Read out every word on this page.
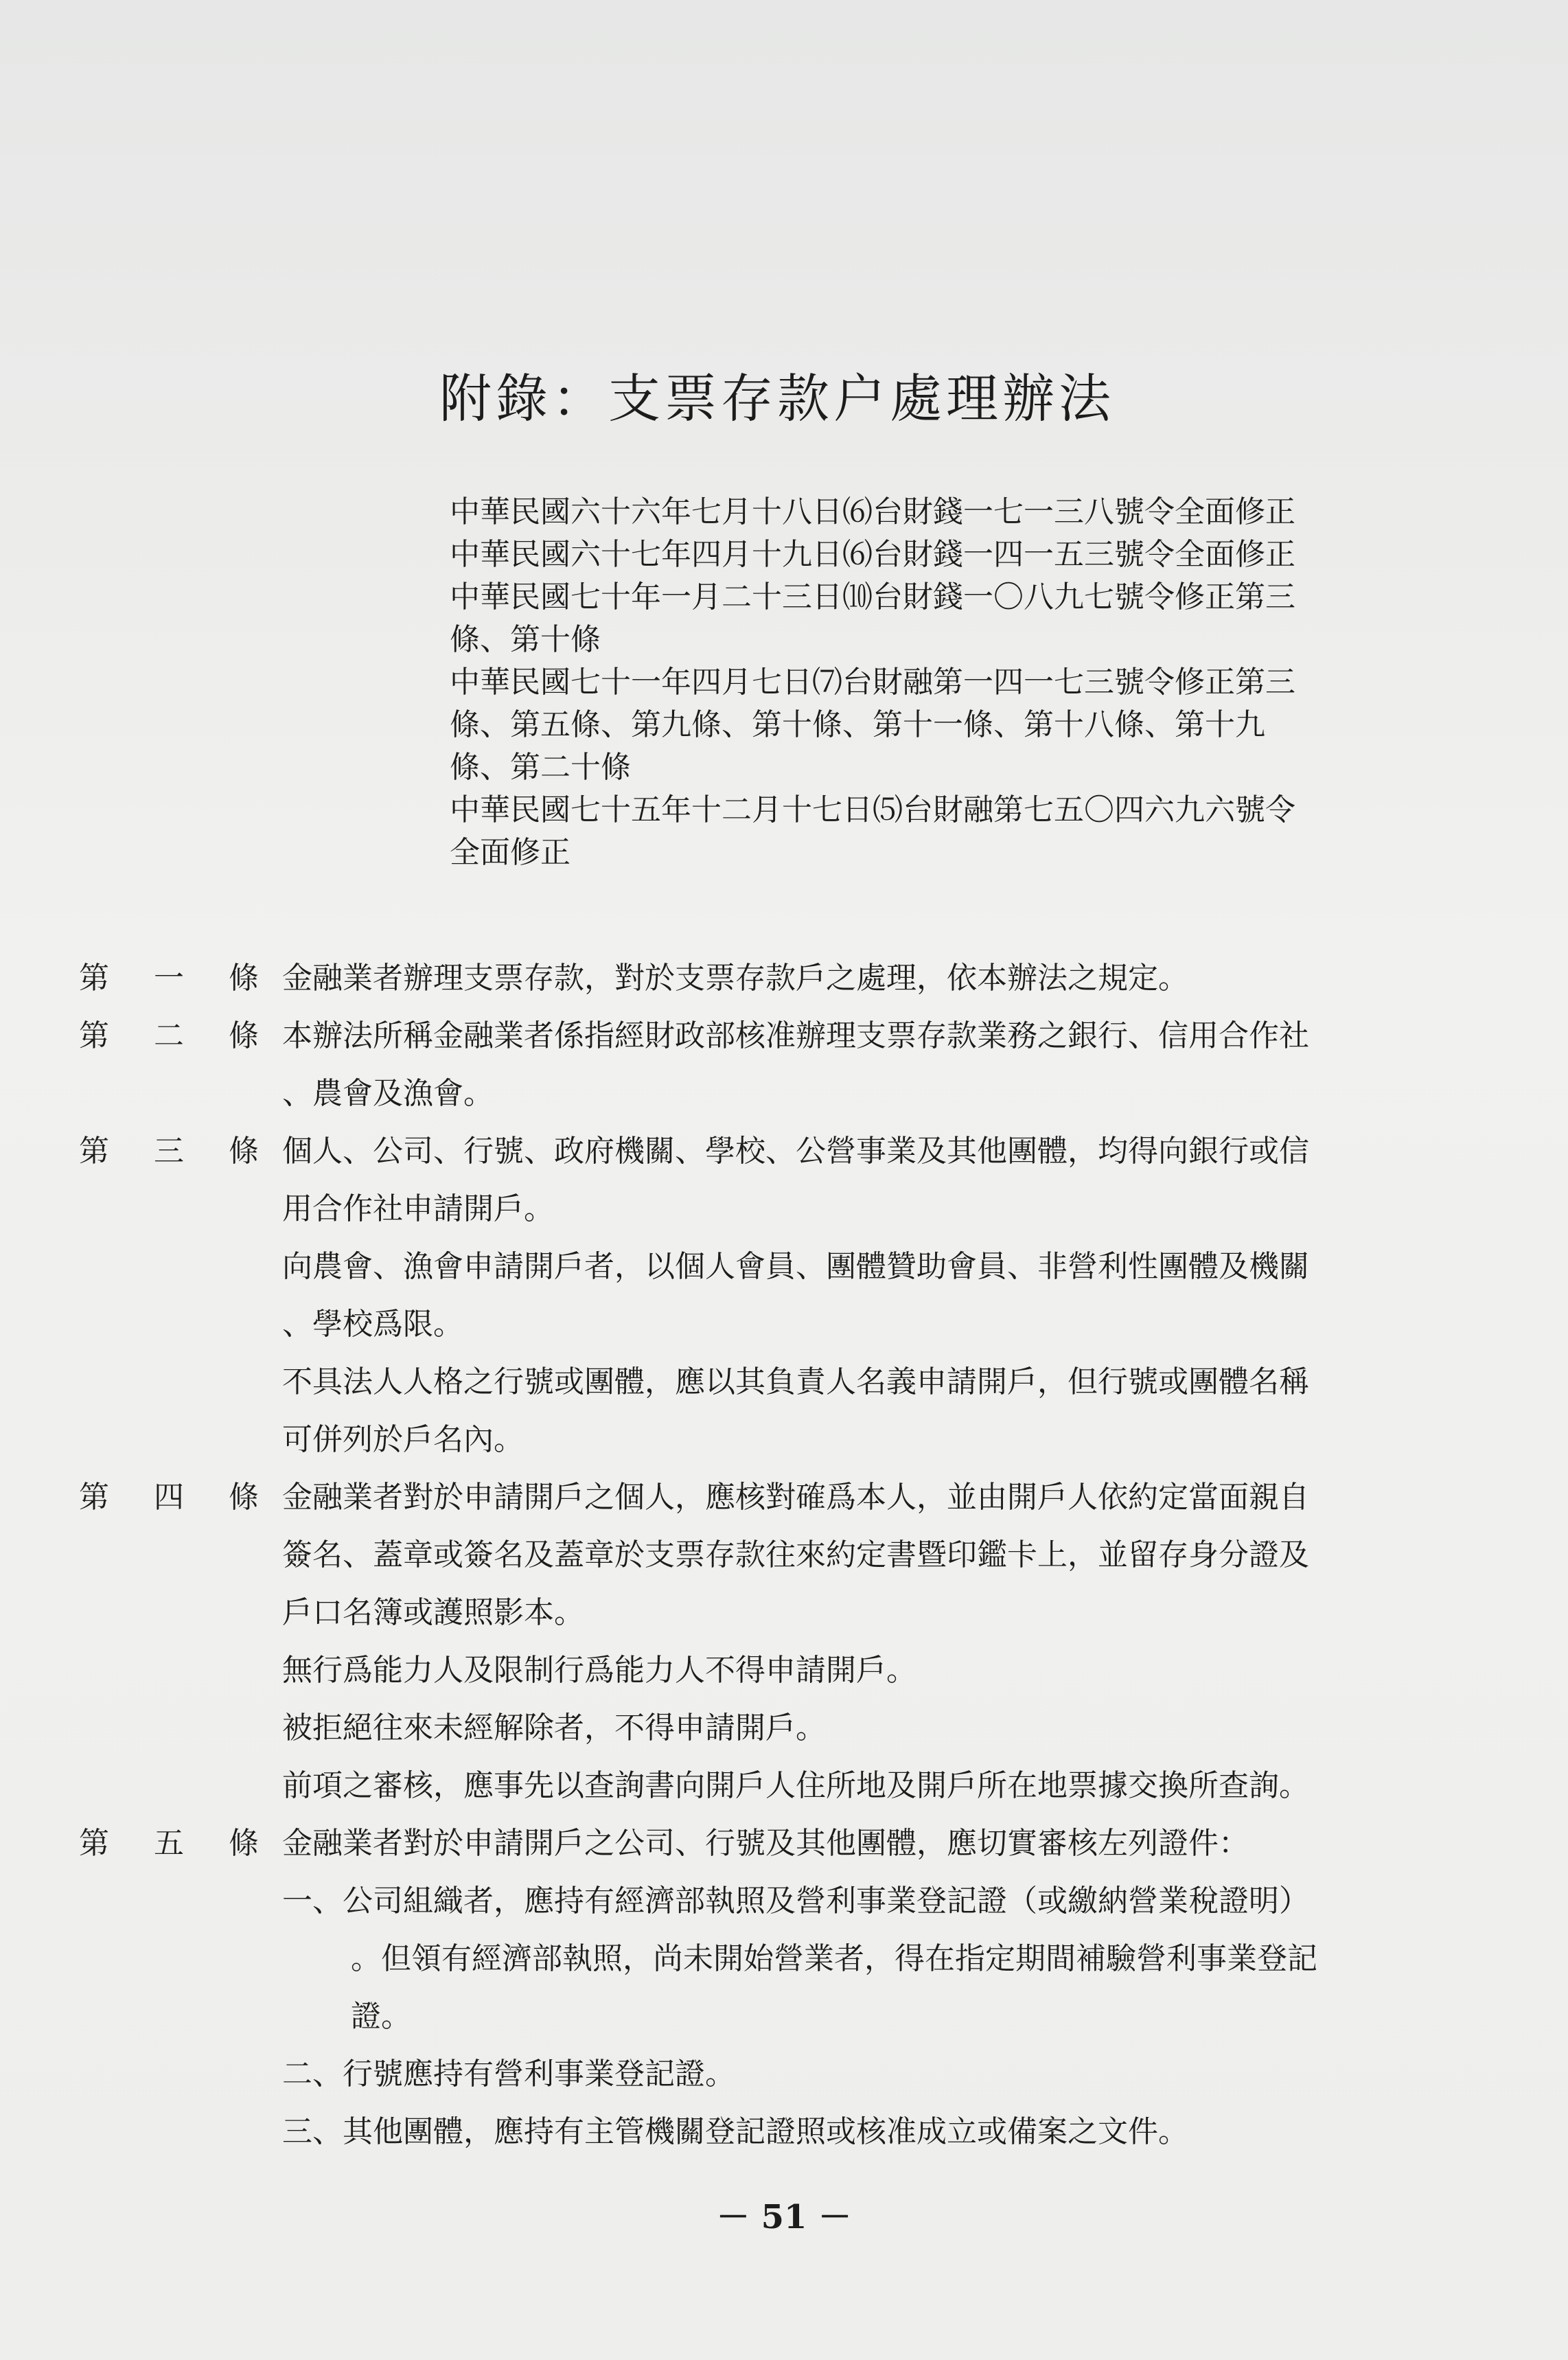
附錄：支票存款户處理辦法
中華民國六十六年七月十八日⑹台財錢一七一三八號令全面修正
中華民國六十七年四月十九日⑹台財錢一四一五三號令全面修正
中華民國七十年一月二十三日⑽台財錢一〇八九七號令修正第三
條、第十條
中華民國七十一年四月七日⑺台財融第一四一七三號令修正第三
條、第五條、第九條、第十條、第十一條、第十八條、第十九
條、第二十條
中華民國七十五年十二月十七日⑸台財融第七五〇四六九六號令
全面修正
第 一 條 金融業者辦理支票存款，對於支票存款戶之處理，依本辦法之規定。
第 二 條 本辦法所稱金融業者係指經財政部核准辦理支票存款業務之銀行、信用合作社
、農會及漁會。
第 三 條 個人、公司、行號、政府機關、學校、公營事業及其他團體，均得向銀行或信
用合作社申請開戶。
向農會、漁會申請開戶者，以個人會員、團體贊助會員、非營利性團體及機關
、學校爲限。
不具法人人格之行號或團體，應以其負責人名義申請開戶，但行號或團體名稱
可併列於戶名內。
第 四 條 金融業者對於申請開戶之個人，應核對確爲本人，並由開戶人依約定當面親自
簽名、蓋章或簽名及蓋章於支票存款往來約定書暨印鑑卡上，並留存身分證及
戶口名簿或護照影本。
無行爲能力人及限制行爲能力人不得申請開戶。
被拒絕往來未經解除者，不得申請開戶。
前項之審核，應事先以查詢書向開戶人住所地及開戶所在地票據交換所查詢。
第 五 條 金融業者對於申請開戶之公司、行號及其他團體，應切實審核左列證件：
一、公司組織者，應持有經濟部執照及營利事業登記證（或繳納營業稅證明）
。但領有經濟部執照，尚未開始營業者，得在指定期間補驗營利事業登記
證。
二、行號應持有營利事業登記證。
三、其他團體，應持有主管機關登記證照或核准成立或備案之文件。
－ 51 －
